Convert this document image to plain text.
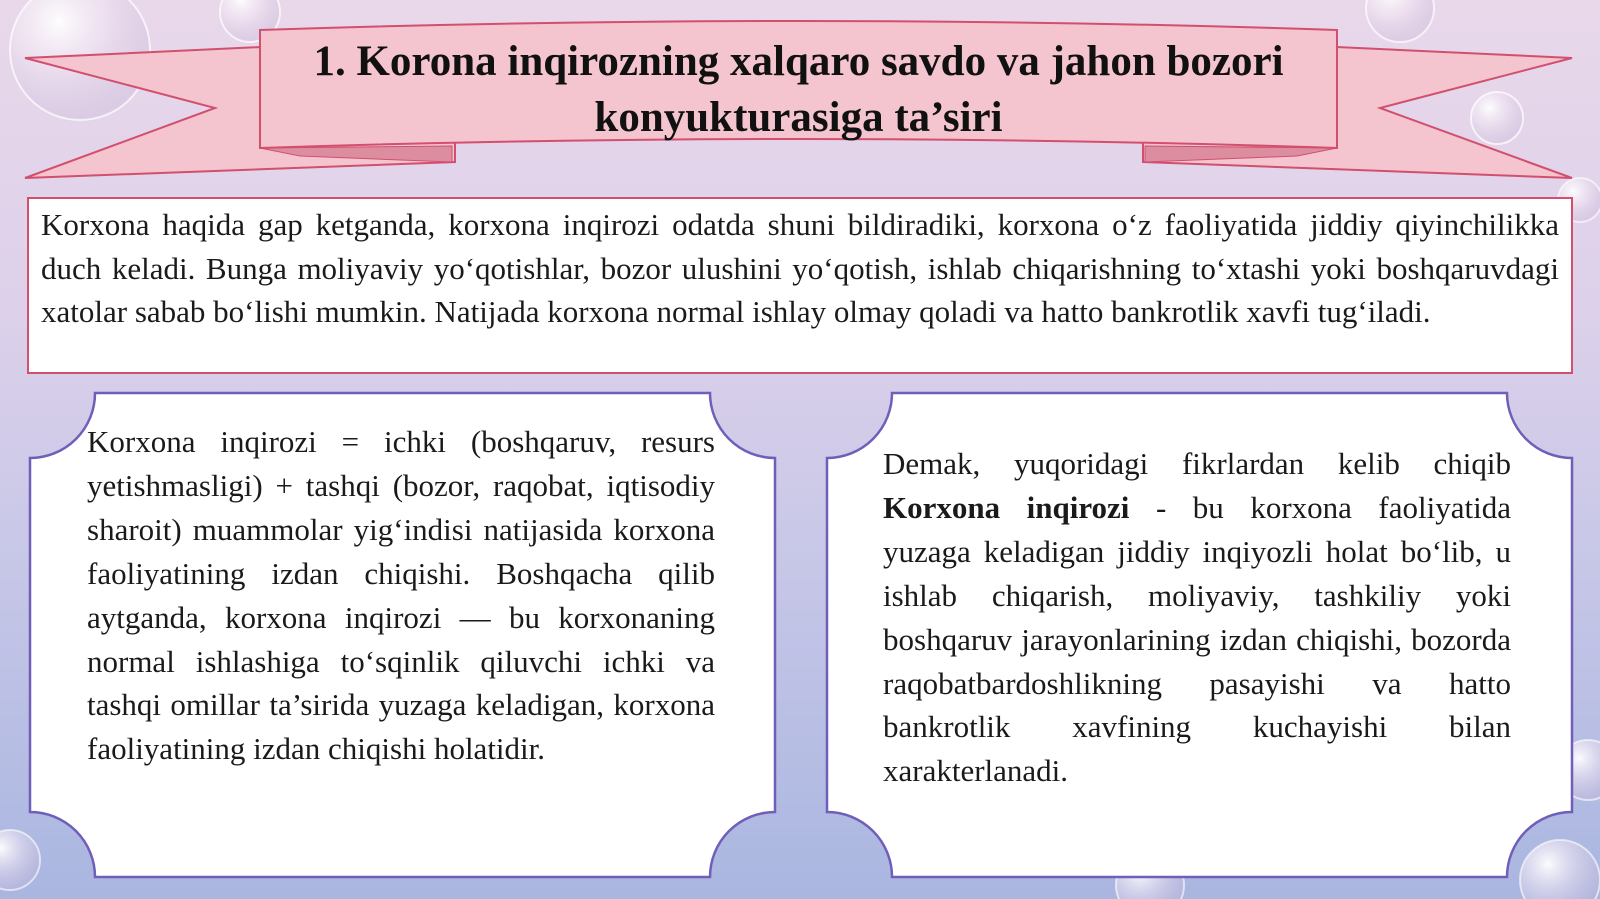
1. Korona inqirozning xalqaro savdo va jahon bozori konyukturasiga ta’siri

Korxona haqida gap ketganda, korxona inqirozi odatda shuni bildiradiki, korxona o‘z faoliyatida jiddiy qiyinchilikka duch keladi. Bunga moliyaviy yo‘qotishlar, bozor ulushini yo‘qotish, ishlab chiqarishning to‘xtashi yoki boshqaruvdagi xatolar sabab bo‘lishi mumkin. Natijada korxona normal ishlay olmay qoladi va hatto bankrotlik xavfi tug‘iladi.

Korxona inqirozi = ichki (boshqaruv, resurs yetishmasligi) + tashqi (bozor, raqobat, iqtisodiy sharoit) muammolar yig‘indisi natijasida korxona faoliyatining izdan chiqishi. Boshqacha qilib aytganda, korxona inqirozi — bu korxonaning normal ishlashiga to‘sqinlik qiluvchi ichki va tashqi omillar ta’sirida yuzaga keladigan, korxona faoliyatining izdan chiqishi holatidir.

Demak, yuqoridagi fikrlardan kelib chiqib Korxona inqirozi - bu korxona faoliyatida yuzaga keladigan jiddiy inqiyozli holat bo‘lib, u ishlab chiqarish, moliyaviy, tashkiliy yoki boshqaruv jarayonlarining izdan chiqishi, bozorda raqobatbardoshlikning pasayishi va hatto bankrotlik xavfining kuchayishi bilan xarakterlanadi.
